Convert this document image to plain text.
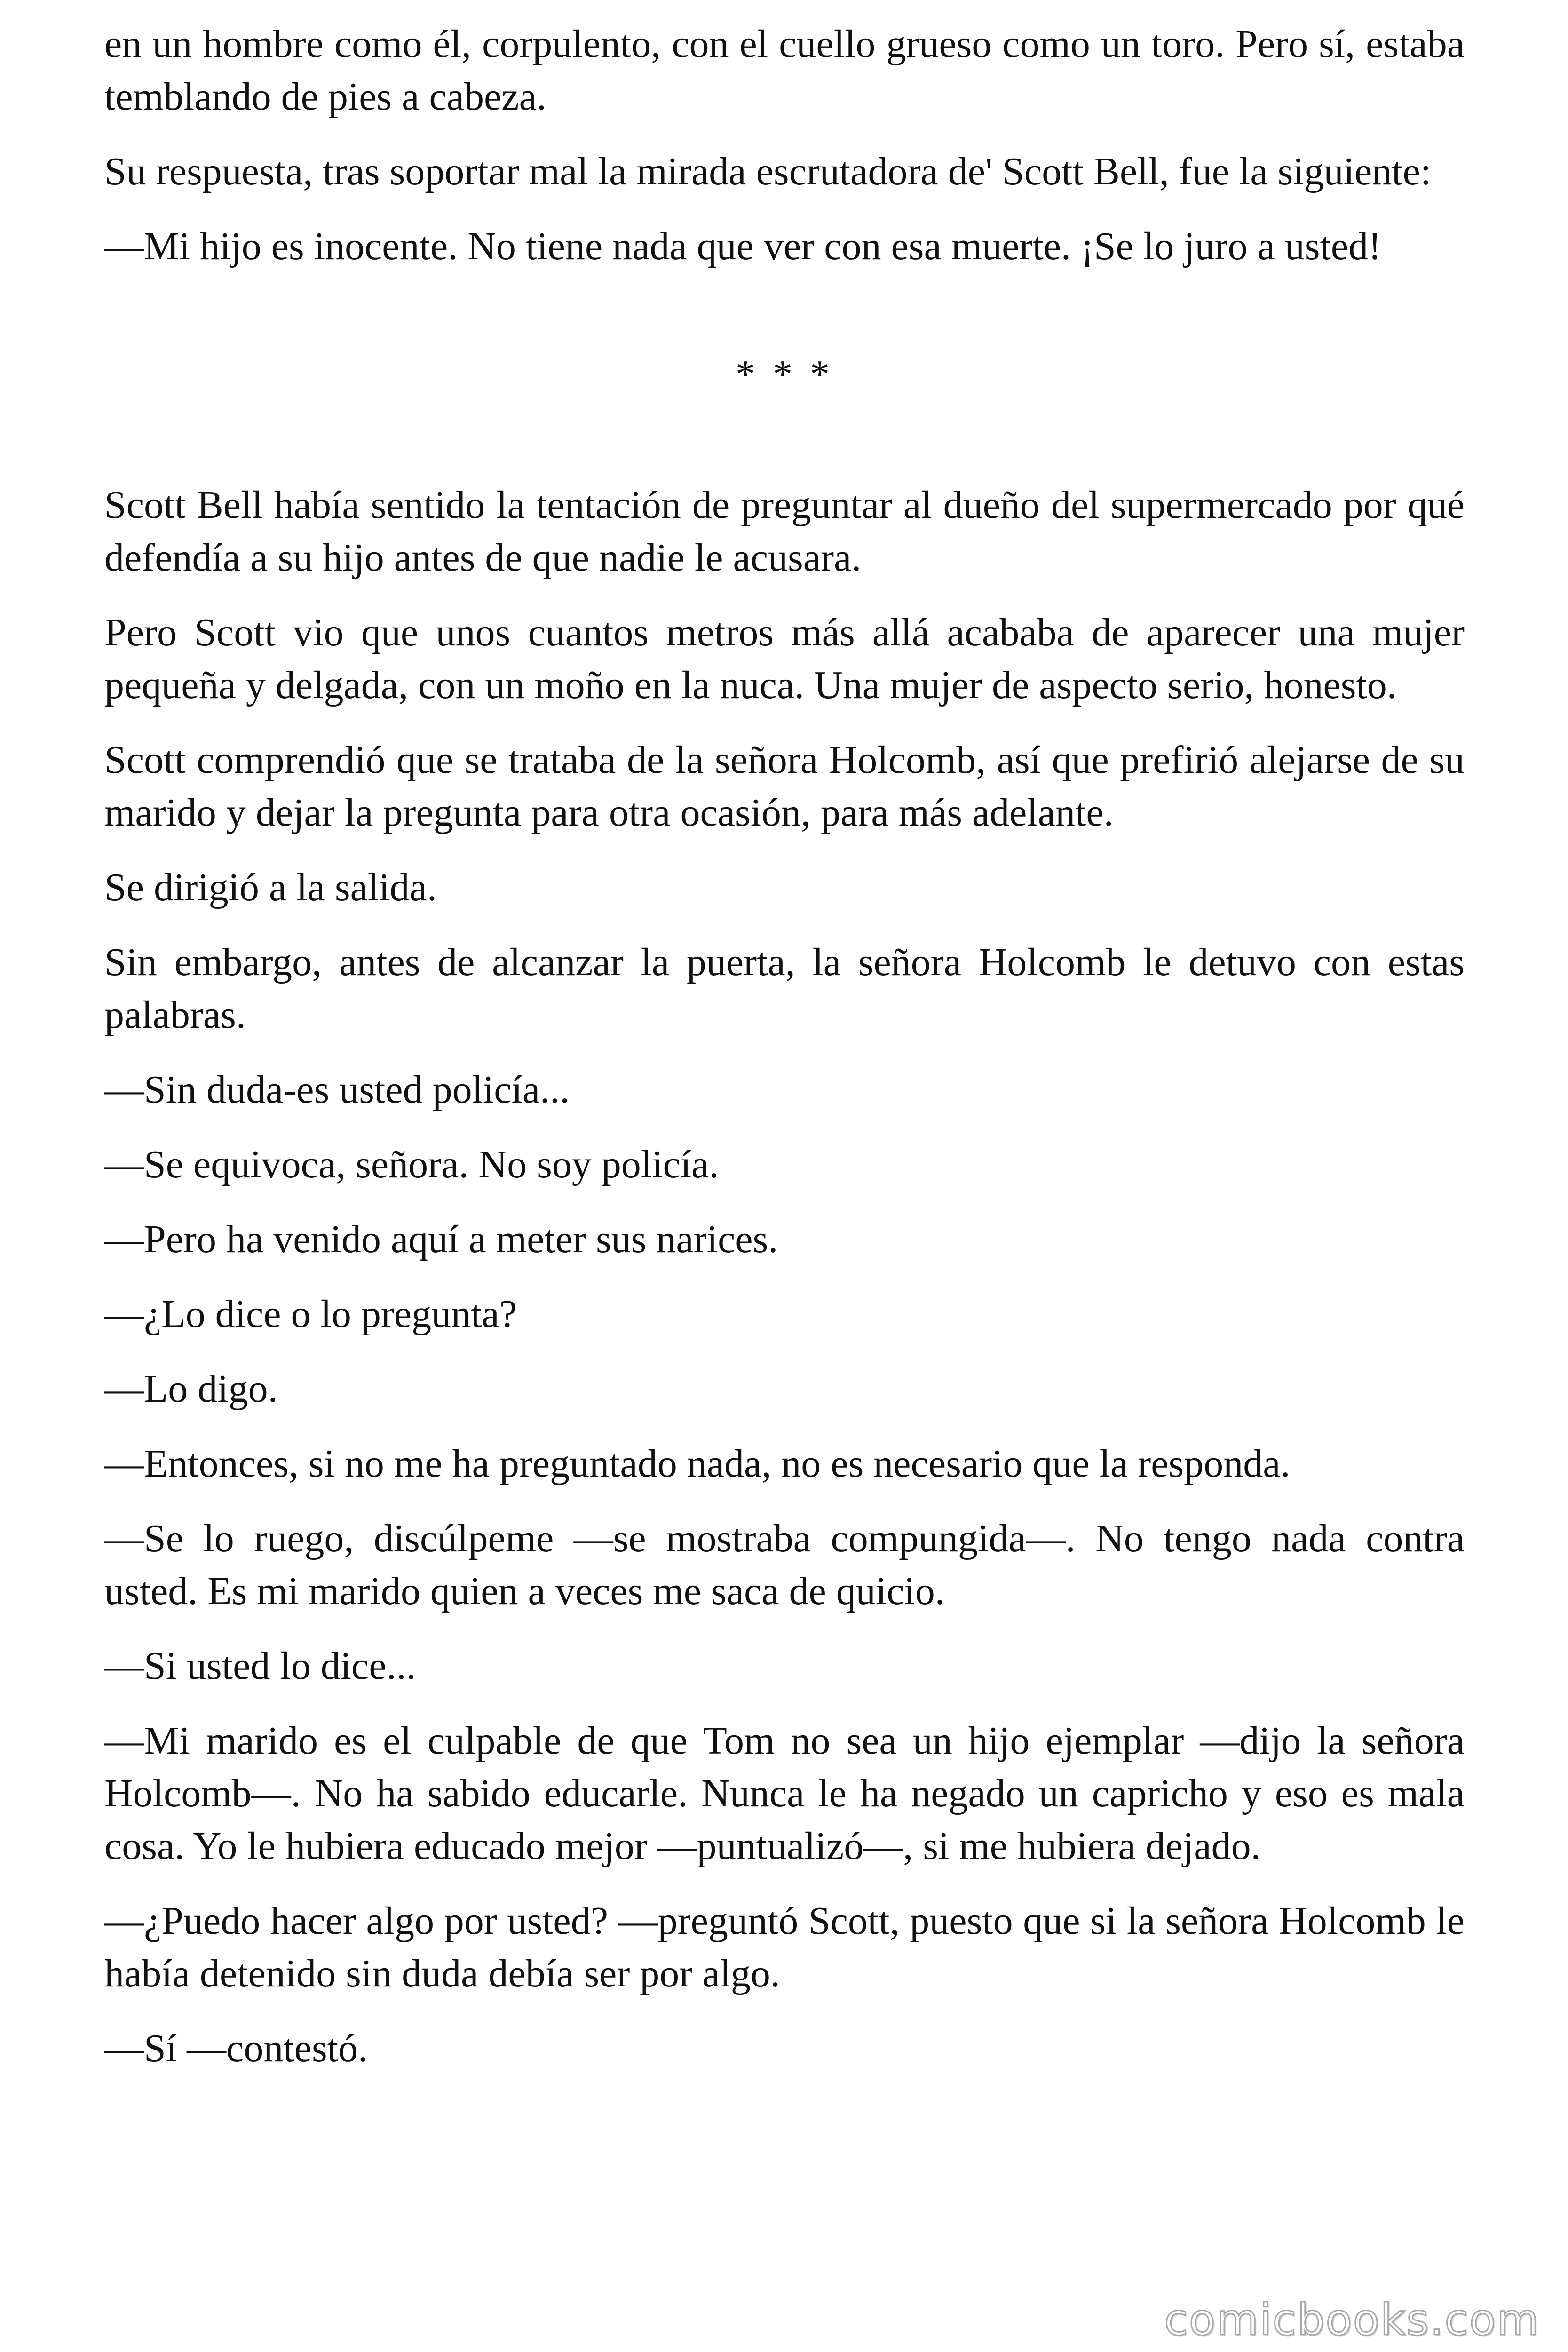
en un hombre como él, corpulento, con el cuello grueso como un toro. Pero sí, estaba temblando de pies a cabeza.

Su respuesta, tras soportar mal la mirada escrutadora de' Scott Bell, fue la siguiente:

—Mi hijo es inocente. No tiene nada que ver con esa muerte. ¡Se lo juro a usted!

* * *

Scott Bell había sentido la tentación de preguntar al dueño del supermercado por qué defendía a su hijo antes de que nadie le acusara.

Pero Scott vio que unos cuantos metros más allá acababa de aparecer una mujer pequeña y delgada, con un moño en la nuca. Una mujer de aspecto serio, honesto.

Scott comprendió que se trataba de la señora Holcomb, así que prefirió alejarse de su marido y dejar la pregunta para otra ocasión, para más adelante.

Se dirigió a la salida.

Sin embargo, antes de alcanzar la puerta, la señora Holcomb le detuvo con estas palabras.

—Sin duda-es usted policía...

—Se equivoca, señora. No soy policía.

—Pero ha venido aquí a meter sus narices.

—¿Lo dice o lo pregunta?

—Lo digo.

—Entonces, si no me ha preguntado nada, no es necesario que la responda.

—Se lo ruego, discúlpeme —se mostraba compungida—. No tengo nada contra usted. Es mi marido quien a veces me saca de quicio.

—Si usted lo dice...

—Mi marido es el culpable de que Tom no sea un hijo ejemplar —dijo la señora Holcomb—. No ha sabido educarle. Nunca le ha negado un capricho y eso es mala cosa. Yo le hubiera educado mejor —puntualizó—, si me hubiera dejado.

—¿Puedo hacer algo por usted? —preguntó Scott, puesto que si la señora Holcomb le había detenido sin duda debía ser por algo.

—Sí —contestó.

comicbooks.com
